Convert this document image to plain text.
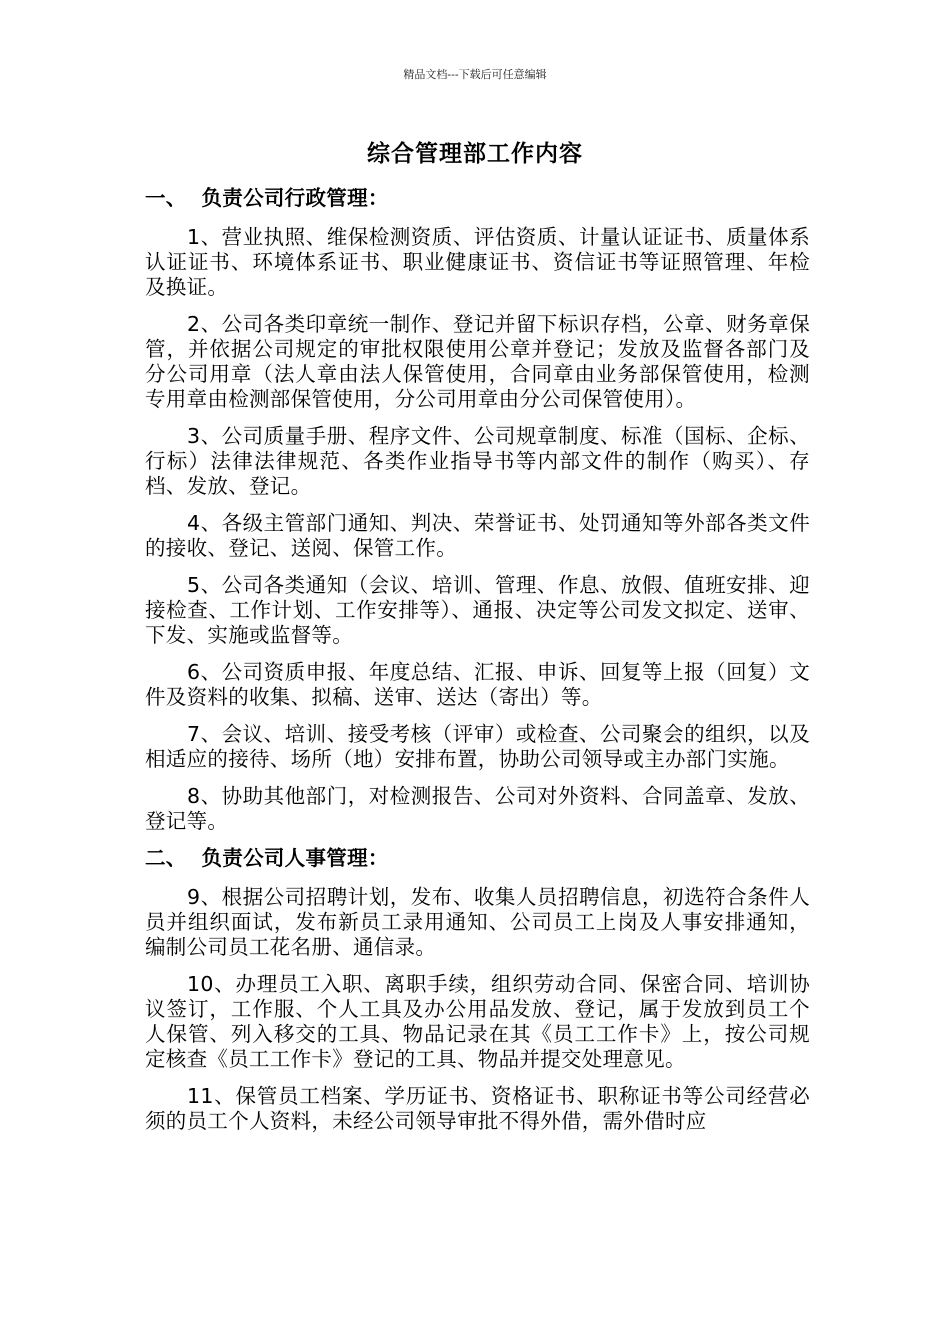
精品文档---下载后可任意编辑
综合管理部工作内容
一、  负责公司行政管理：

1、营业执照、维保检测资质、评估资质、计量认证证书、质量体系认证证书、环境体系证书、职业健康证书、资信证书等证照管理、年检及换证。

2、公司各类印章统一制作、登记并留下标识存档，公章、财务章保管，并依据公司规定的审批权限使用公章并登记；发放及监督各部门及分公司用章（法人章由法人保管使用，合同章由业务部保管使用，检测专用章由检测部保管使用，分公司用章由分公司保管使用）。

3、公司质量手册、程序文件、公司规章制度、标准（国标、企标、行标）法律法律规范、各类作业指导书等内部文件的制作（购买）、存档、发放、登记。

4、各级主管部门通知、判决、荣誉证书、处罚通知等外部各类文件的接收、登记、送阅、保管工作。

5、公司各类通知（会议、培训、管理、作息、放假、值班安排、迎接检查、工作计划、工作安排等）、通报、决定等公司发文拟定、送审、下发、实施或监督等。

6、公司资质申报、年度总结、汇报、申诉、回复等上报（回复）文件及资料的收集、拟稿、送审、送达（寄出）等。

7、会议、培训、接受考核（评审）或检查、公司聚会的组织，以及相适应的接待、场所（地）安排布置，协助公司领导或主办部门实施。

8、协助其他部门，对检测报告、公司对外资料、合同盖章、发放、登记等。

二、  负责公司人事管理：

9、根据公司招聘计划，发布、收集人员招聘信息，初选符合条件人员并组织面试，发布新员工录用通知、公司员工上岗及人事安排通知，编制公司员工花名册、通信录。

10、办理员工入职、离职手续，组织劳动合同、保密合同、培训协议签订，工作服、个人工具及办公用品发放、登记，属于发放到员工个人保管、列入移交的工具、物品记录在其《员工工作卡》上，按公司规定核查《员工工作卡》登记的工具、物品并提交处理意见。

11、保管员工档案、学历证书、资格证书、职称证书等公司经营必须的员工个人资料，未经公司领导审批不得外借，需外借时应
